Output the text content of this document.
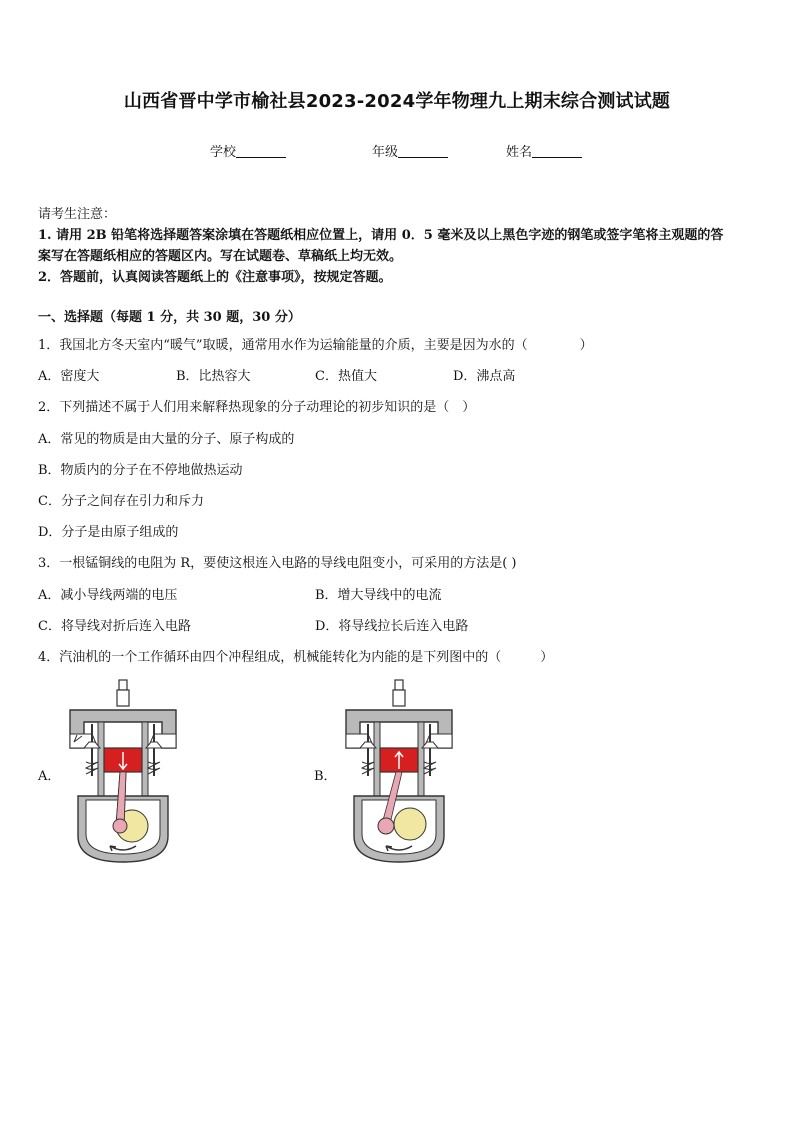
山西省晋中学市榆社县2023-2024学年物理九上期末综合测试试题
学校	年级	姓名
请考生注意：
1. 请用 2B 铅笔将选择题答案涂填在答题纸相应位置上，请用 0．5 毫米及以上黑色字迹的钢笔或签字笔将主观题的答
案写在答题纸相应的答题区内。写在试题卷、草稿纸上均无效。
2．答题前，认真阅读答题纸上的《注意事项》，按规定答题。
一、选择题（每题 1 分，共 30 题，30 分）
1．我国北方冬天室内“暖气”取暖，通常用水作为运输能量的介质，主要是因为水的（　　　　）
A．密度大	B．比热容大	C．热值大	D．沸点高
2．下列描述不属于人们用来解释热现象的分子动理论的初步知识的是（　）
A．常见的物质是由大量的分子、原子构成的
B．物质内的分子在不停地做热运动
C．分子之间存在引力和斥力
D．分子是由原子组成的
3．一根锰铜线的电阻为 R，要使这根连入电路的导线电阻变小，可采用的方法是( )
A．减小导线两端的电压	B．增大导线中的电流
C．将导线对折后连入电路	D．将导线拉长后连入电路
4．汽油机的一个工作循环由四个冲程组成，机械能转化为内能的是下列图中的（　　　）
A．	B．
